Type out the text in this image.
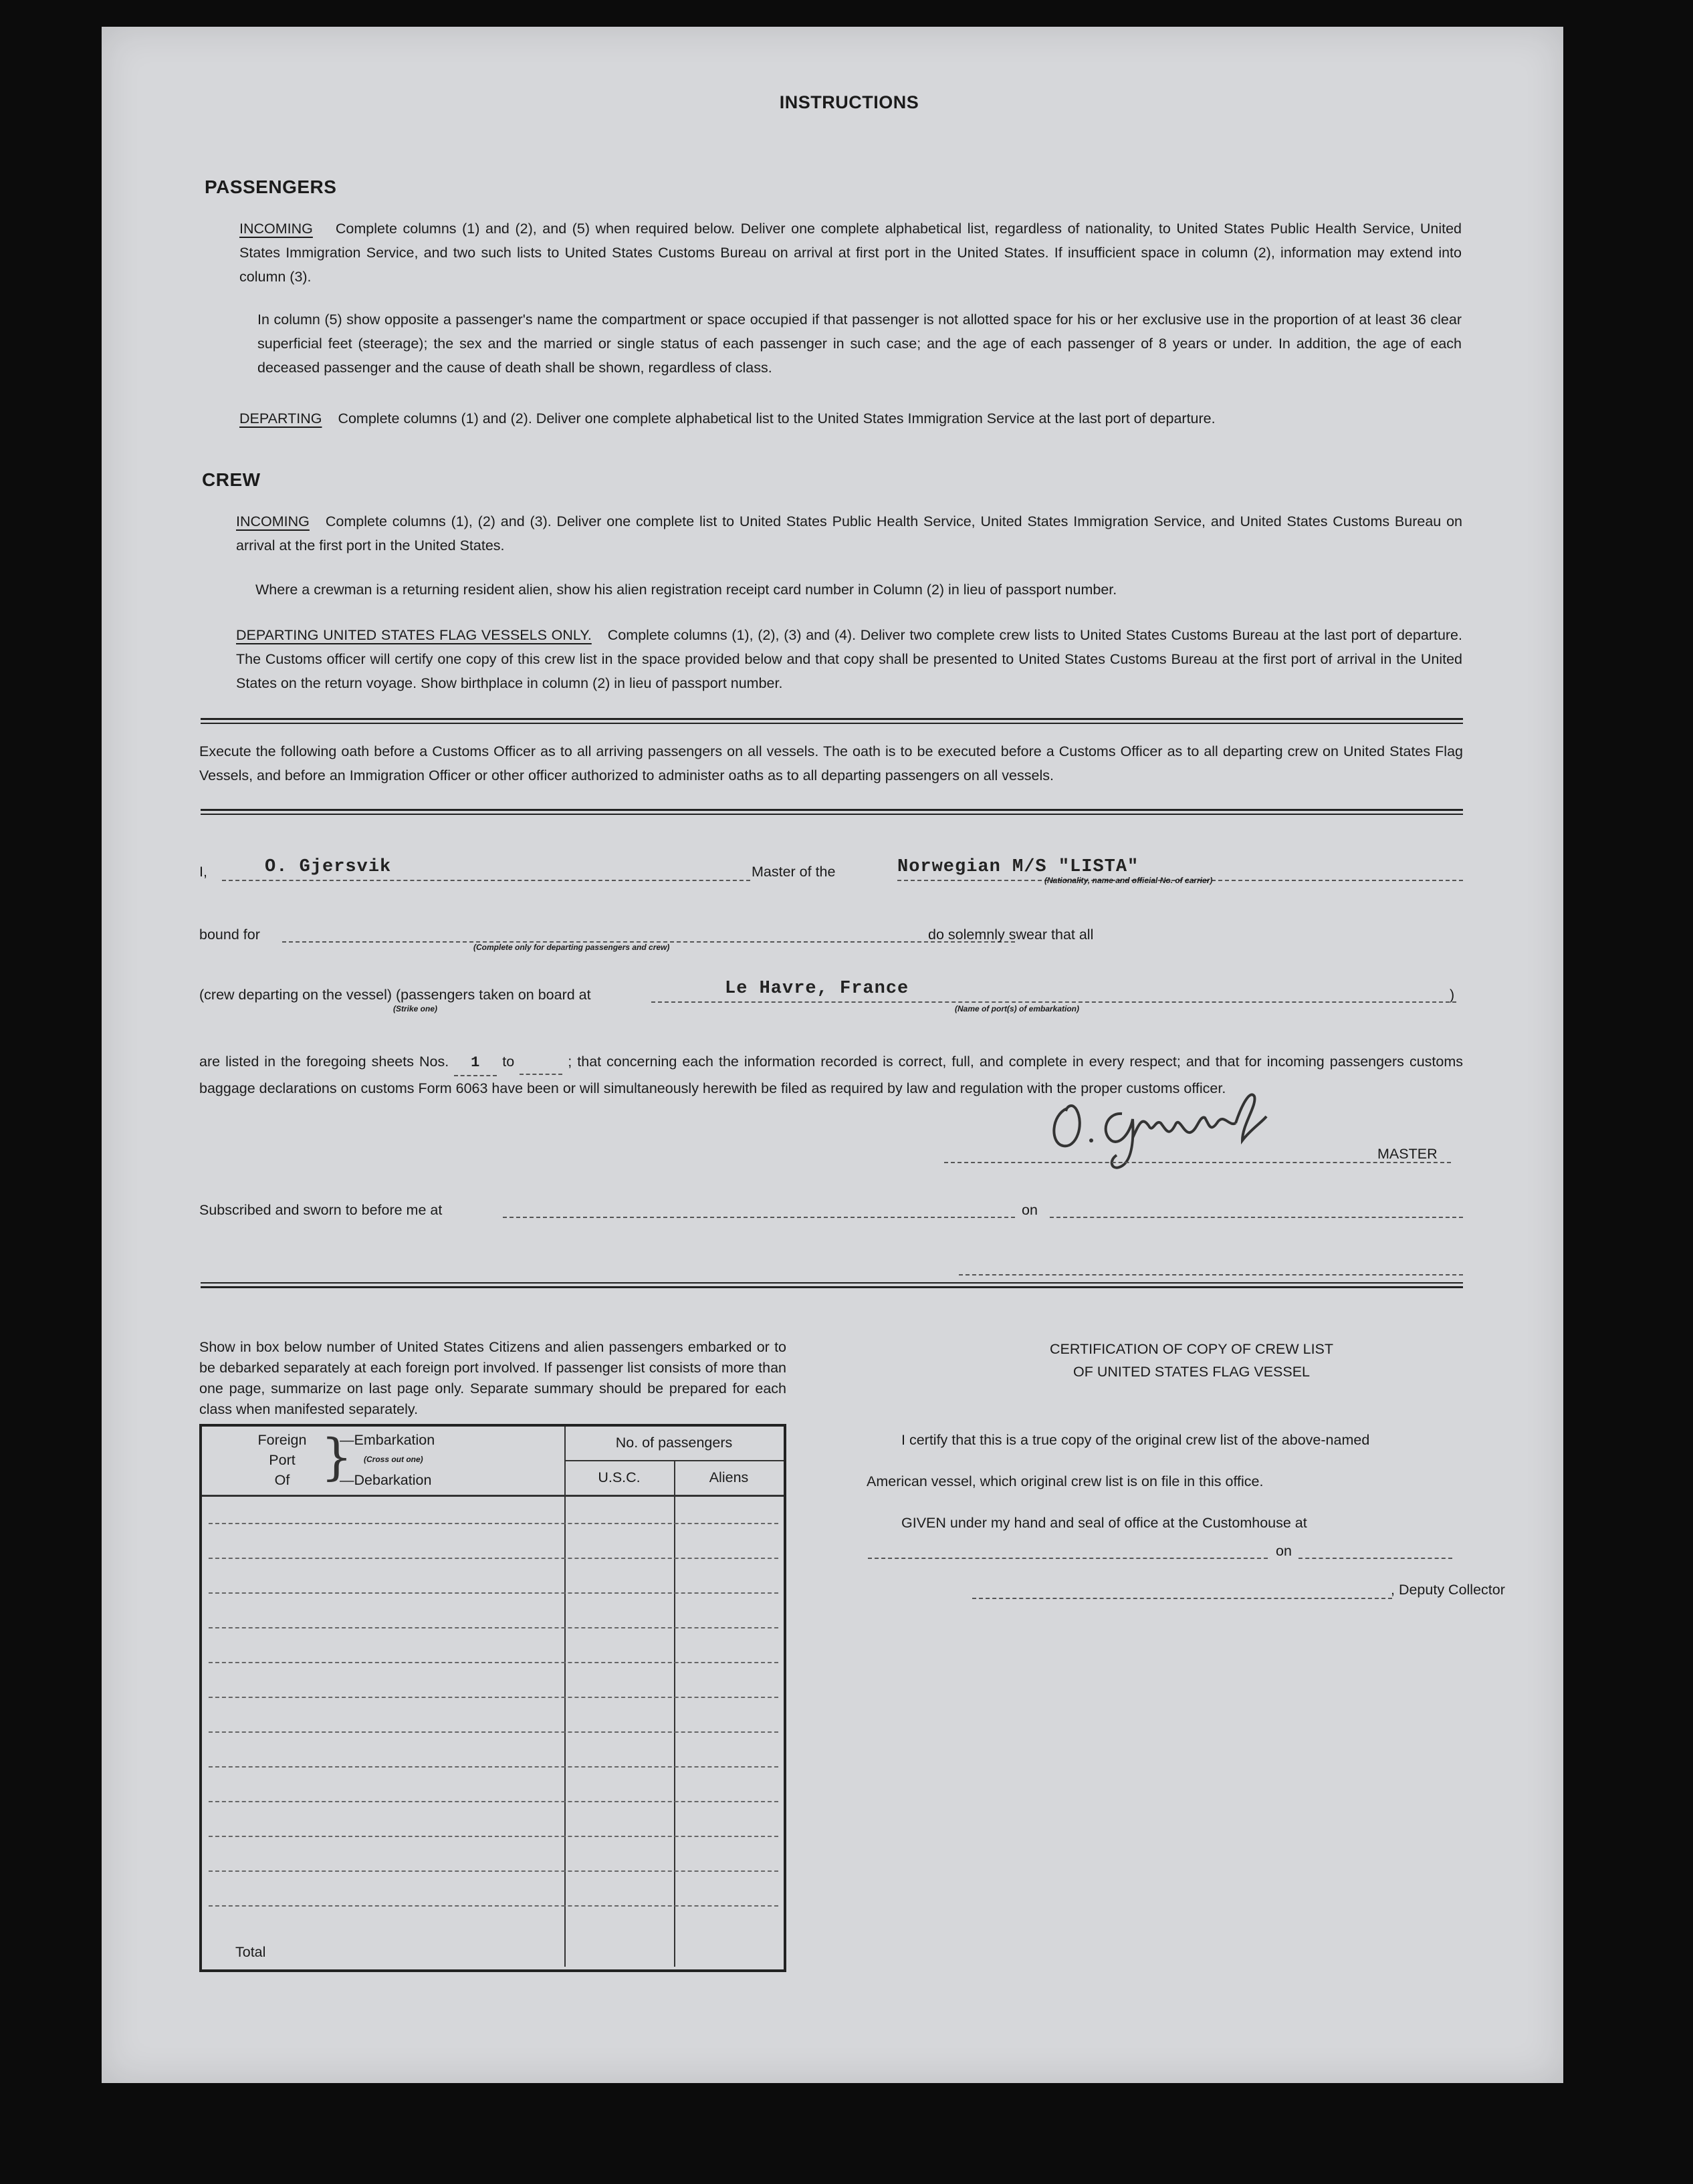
INSTRUCTIONS
PASSENGERS
INCOMING Complete columns (1) and (2), and (5) when required below. Deliver one complete alphabetical list, regardless of nationality, to United States Public Health Service, United States Immigration Service, and two such lists to United States Customs Bureau on arrival at first port in the United States. If insufficient space in column (2), information may extend into column (3).
In column (5) show opposite a passenger's name the compartment or space occupied if that passenger is not allotted space for his or her exclusive use in the proportion of at least 36 clear superficial feet (steerage); the sex and the married or single status of each passenger in such case; and the age of each passenger of 8 years or under. In addition, the age of each deceased passenger and the cause of death shall be shown, regardless of class.
DEPARTING Complete columns (1) and (2). Deliver one complete alphabetical list to the United States Immigration Service at the last port of departure.
CREW
INCOMING Complete columns (1), (2) and (3). Deliver one complete list to United States Public Health Service, United States Immigration Service, and United States Customs Bureau on arrival at the first port in the United States.
Where a crewman is a returning resident alien, show his alien registration receipt card number in Column (2) in lieu of passport number.
DEPARTING UNITED STATES FLAG VESSELS ONLY. Complete columns (1), (2), (3) and (4). Deliver two complete crew lists to United States Customs Bureau at the last port of departure. The Customs officer will certify one copy of this crew list in the space provided below and that copy shall be presented to United States Customs Bureau at the first port of arrival in the United States on the return voyage. Show birthplace in column (2) in lieu of passport number.
Execute the following oath before a Customs Officer as to all arriving passengers on all vessels. The oath is to be executed before a Customs Officer as to all departing crew on United States Flag Vessels, and before an Immigration Officer or other officer authorized to administer oaths as to all departing passengers on all vessels.
I,	O. Gjersvik	Master of the	Norwegian M/S "LISTA"
(Nationality, name and official No. of carrier)
bound for
(Complete only for departing passengers and crew)
do solemnly swear that all
(crew departing on the vessel) (passengers taken on board at
(Strike one)
Le Havre, France
(Name of port(s) of embarkation)
)
are listed in the foregoing sheets Nos. 1 to	; that concerning each the information recorded is correct, full, and complete in every respect; and that for incoming passengers customs baggage declarations on customs Form 6063 have been or will simultaneously herewith be filed as required by law and regulation with the proper customs officer.
MASTER
Subscribed and sworn to before me at	on
Show in box below number of United States Citizens and alien passengers embarked or to be debarked separately at each foreign port involved. If passenger list consists of more than one page, summarize on last page only. Separate summary should be prepared for each class when manifested separately.
Foreign
Port
Of }
—Embarkation
(Cross out one)
—Debarkation
No. of passengers
U.S.C.	Aliens
Total
CERTIFICATION OF COPY OF CREW LIST
OF UNITED STATES FLAG VESSEL
I certify that this is a true copy of the original crew list of the above-named
American vessel, which original crew list is on file in this office.
GIVEN under my hand and seal of office at the Customhouse at
on
, Deputy Collector
